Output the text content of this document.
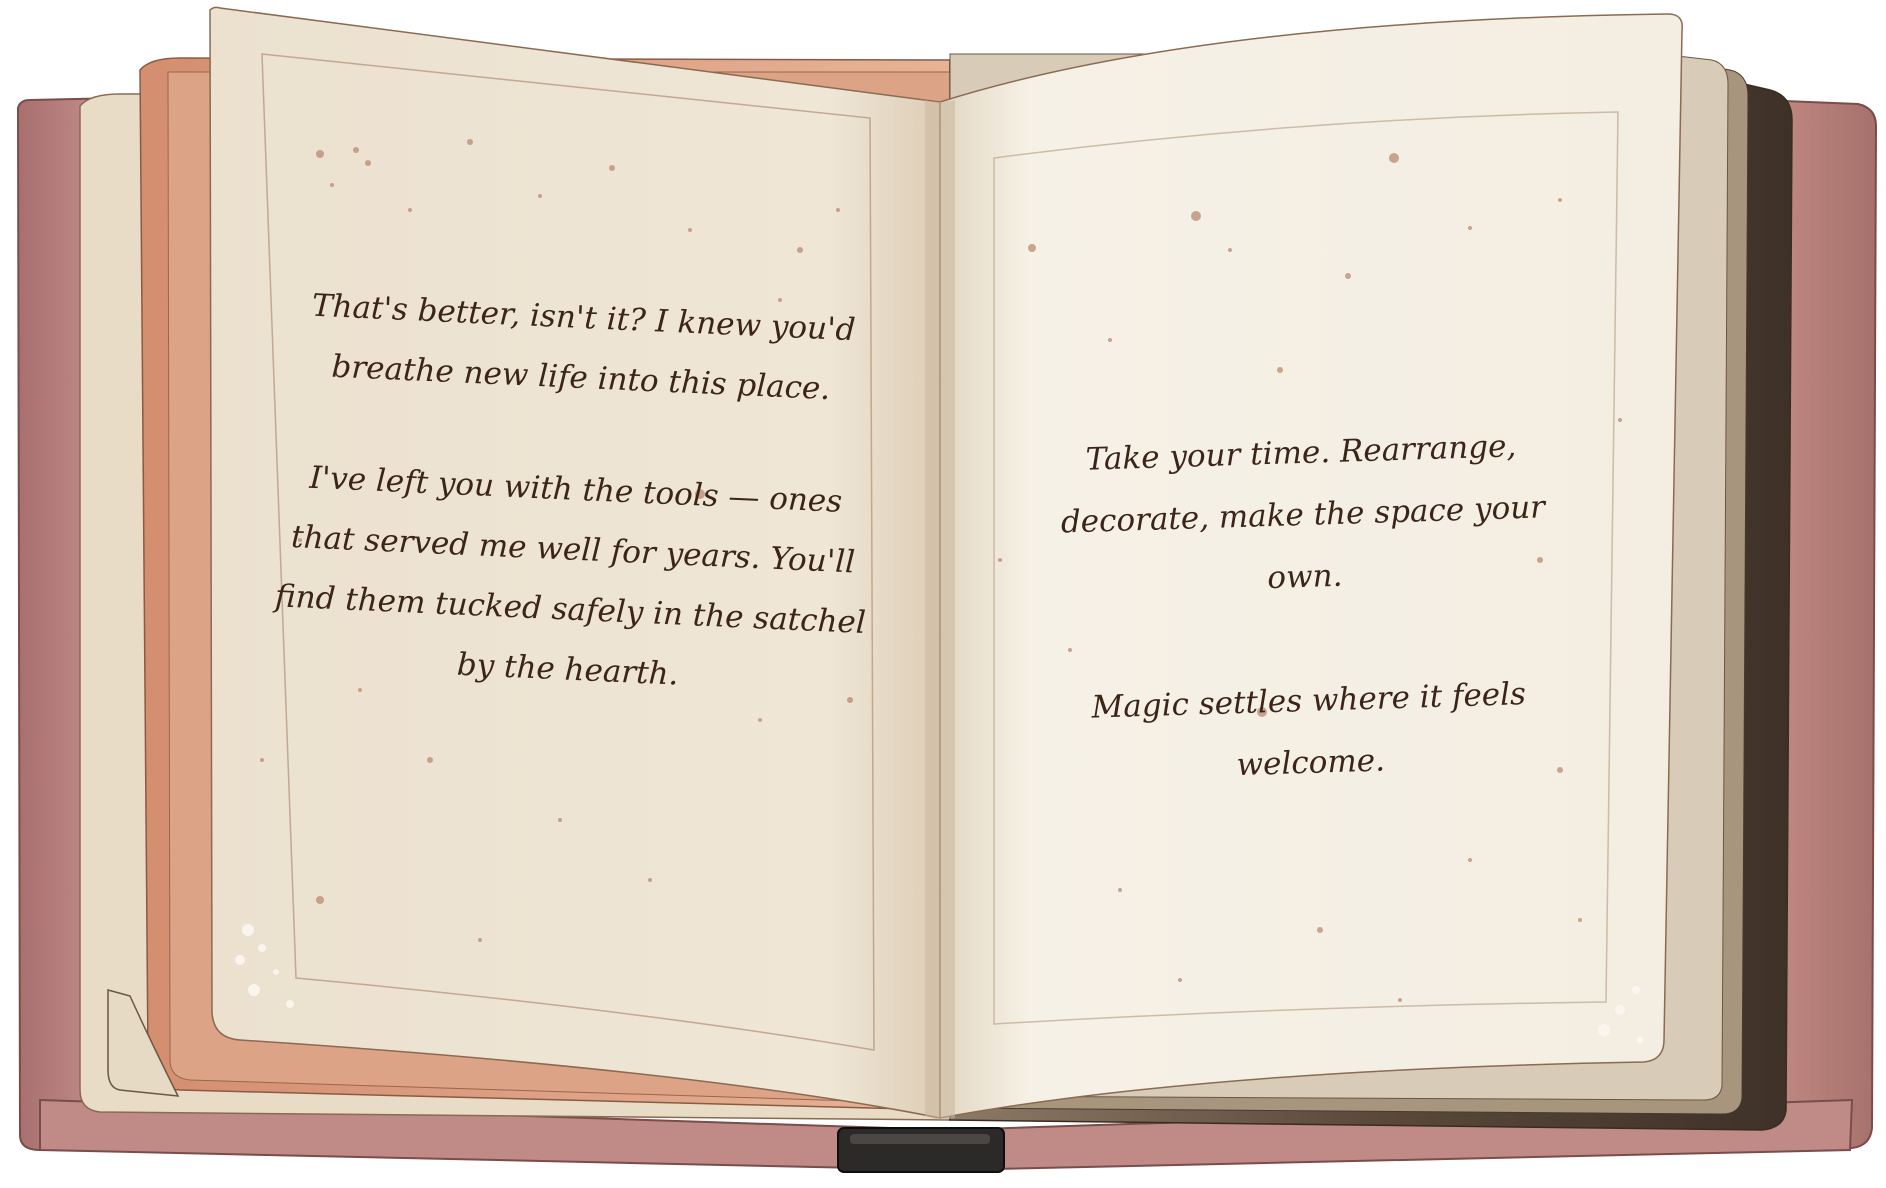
That's better, isn't it? I knew you'd
breathe new life into this place.

I've left you with the tools — ones
that served me well for years. You'll
find them tucked safely in the satchel
by the hearth.

Take your time. Rearrange,
decorate, make the space your own.

Magic settles where it feels welcome.
